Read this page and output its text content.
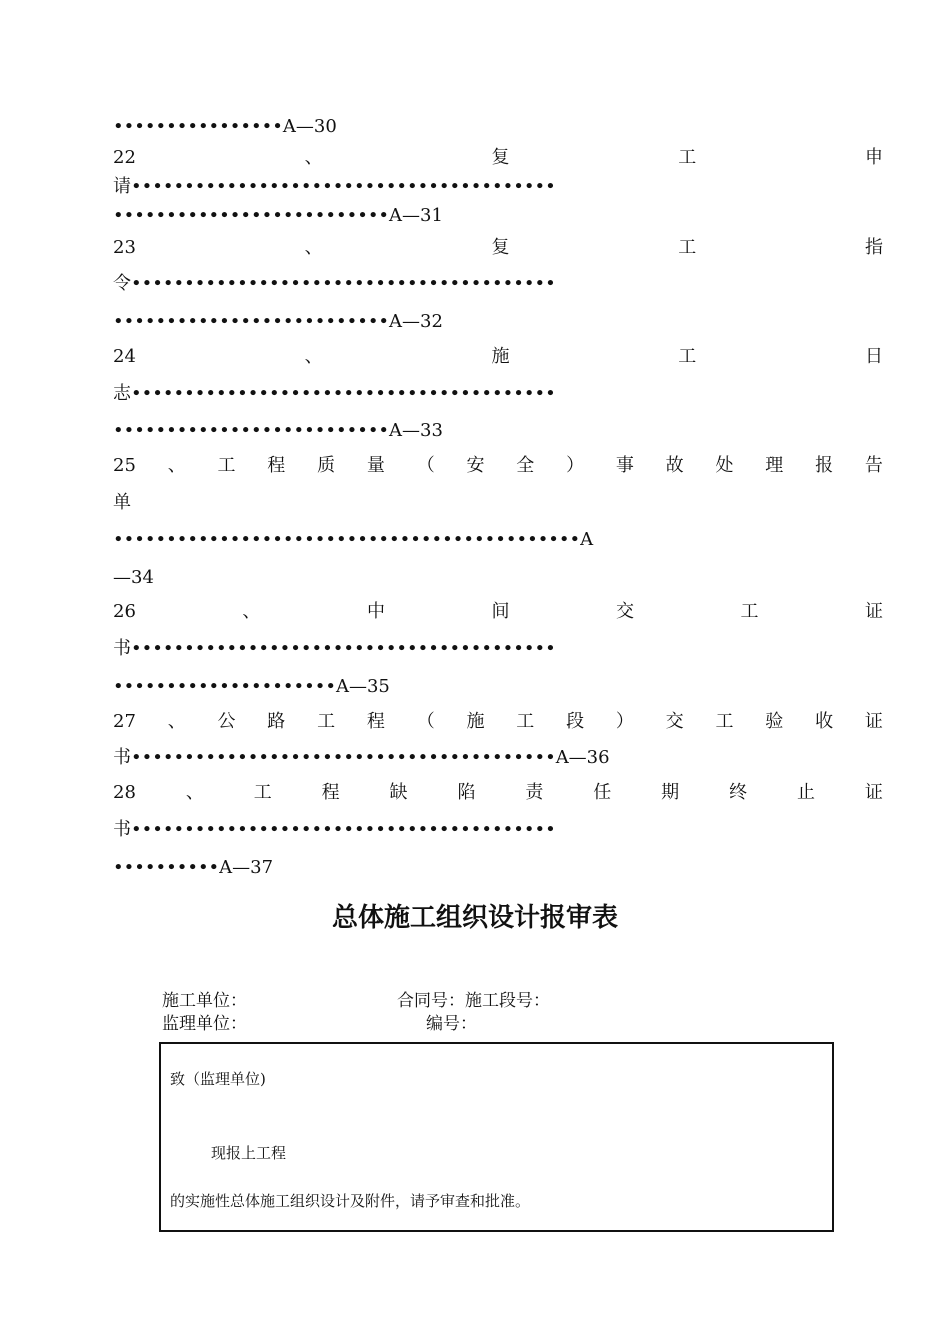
••••••••••••••••A—30
22	、	复	工	申
请••••••••••••••••••••••••••••••••••••••••
••••••••••••••••••••••••••A—31
23	、	复	工	指
令••••••••••••••••••••••••••••••••••••••••
••••••••••••••••••••••••••A—32
24	、	施	工	日
志••••••••••••••••••••••••••••••••••••••••
••••••••••••••••••••••••••A—33
25 、 工 程 质 量 （ 安 全 ） 事 故 处 理 报 告
单
••••••••••••••••••••••••••••••••••••••••••••A
—34
26	、	中	间	交	工	证
书••••••••••••••••••••••••••••••••••••••••
•••••••••••••••••••••A—35
27 、 公 路 工 程 （ 施 工 段 ） 交 工 验 收 证
书••••••••••••••••••••••••••••••••••••••••A—36
28	、	工	程	缺	陷	责	任	期	终	止	证
书••••••••••••••••••••••••••••••••••••••••
••••••••••A—37
总体施工组织设计报审表
施工单位：	合同号：施工段号：
监理单位：	编号：

致（监理单位)

现报上工程

的实施性总体施工组织设计及附件，请予审查和批准。
